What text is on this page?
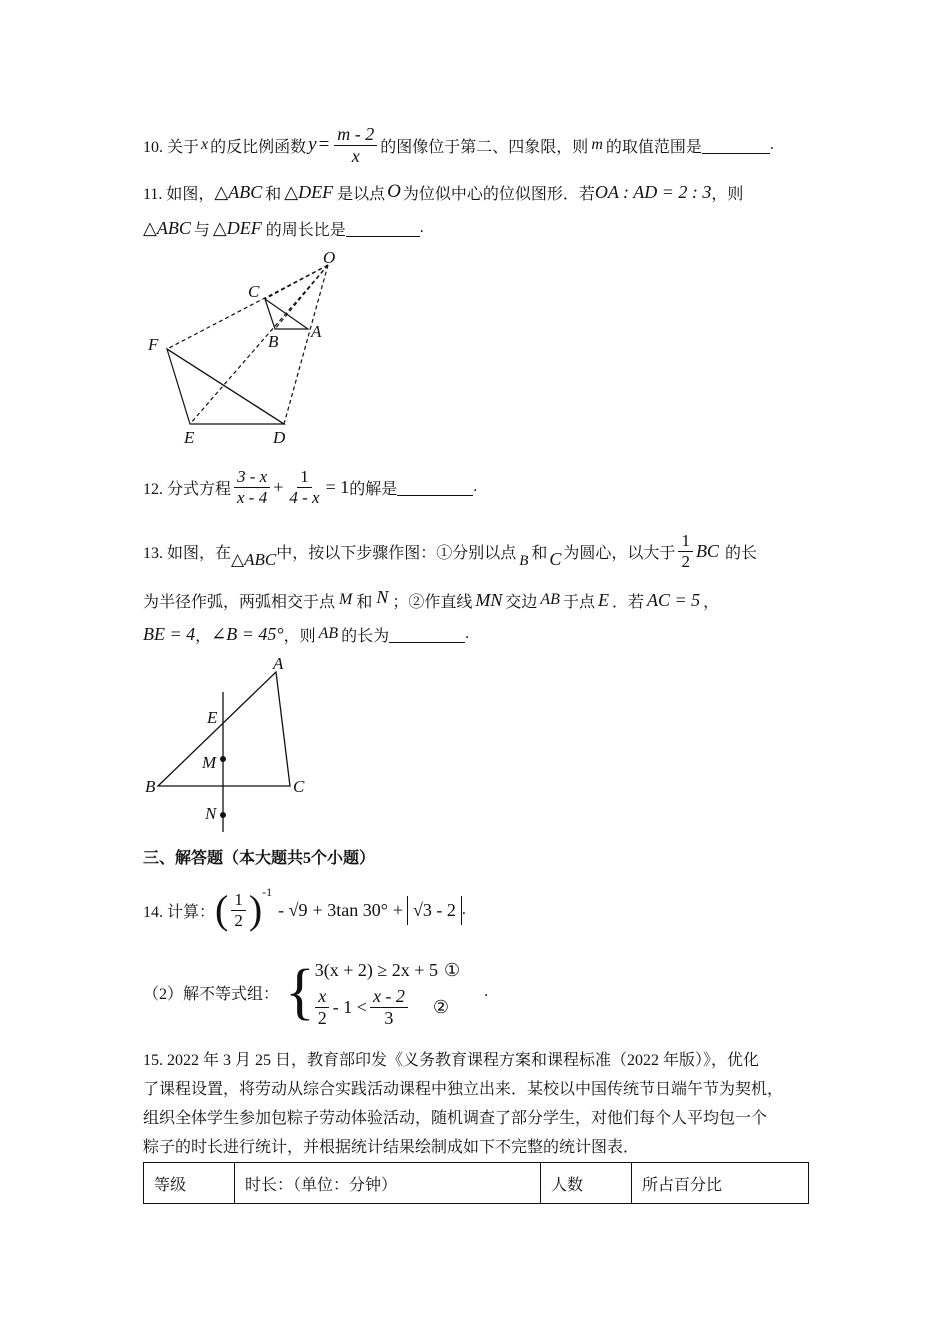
10. 关于 x 的反比例函数 $y = \frac{m - 2}{x}$ 的图像位于第二、四象限，则 m 的取值范围是	.
11. 如图， △ABC 和 △DEF 是以点 O 为位似中心的位似图形．若 OA : AD = 2 : 3 ，则
△ABC 与 △DEF 的周长比是	.
O
C
A
B
F
E	D
12. 分式方程 $\frac{3 - x}{x - 4} + \frac{1}{4 - x} = 1$ 的解是	.
13. 如图，在 △ABC 中，按以下步骤作图：①分别以点 B 和 C 为圆心，以大于 $\frac{1}{2}$ BC 的长
为半径作弧，两弧相交于点 M 和 N ；②作直线 MN 交边 AB 于点 E ．若 AC = 5 ，
BE = 4 ， ∠B = 45° ，则 AB 的长为	.
A
E
M
B	C
N
三、解答题（本大题共5个小题）
14. 计算： ( $\frac{1}{2}$ ) -1
- √9 + 3tan 30° + √3 - 2 .
（2）解不等式组： { 3(x + 2) ≥ 2x + 5 ①
$\frac{x}{2} - 1 < \frac{x - 2}{3}$ ②
.
15. 2022 年 3 月 25 日，教育部印发《义务教育课程方案和课程标准（2022 年版）》，优化
了课程设置，将劳动从综合实践活动课程中独立出来．某校以中国传统节日端午节为契机，
组织全体学生参加包粽子劳动体验活动，随机调查了部分学生，对他们每个人平均包一个
粽子的时长进行统计，并根据统计结果绘制成如下不完整的统计图表．
等级	时长：（单位：分钟）	人数	所占百分比
